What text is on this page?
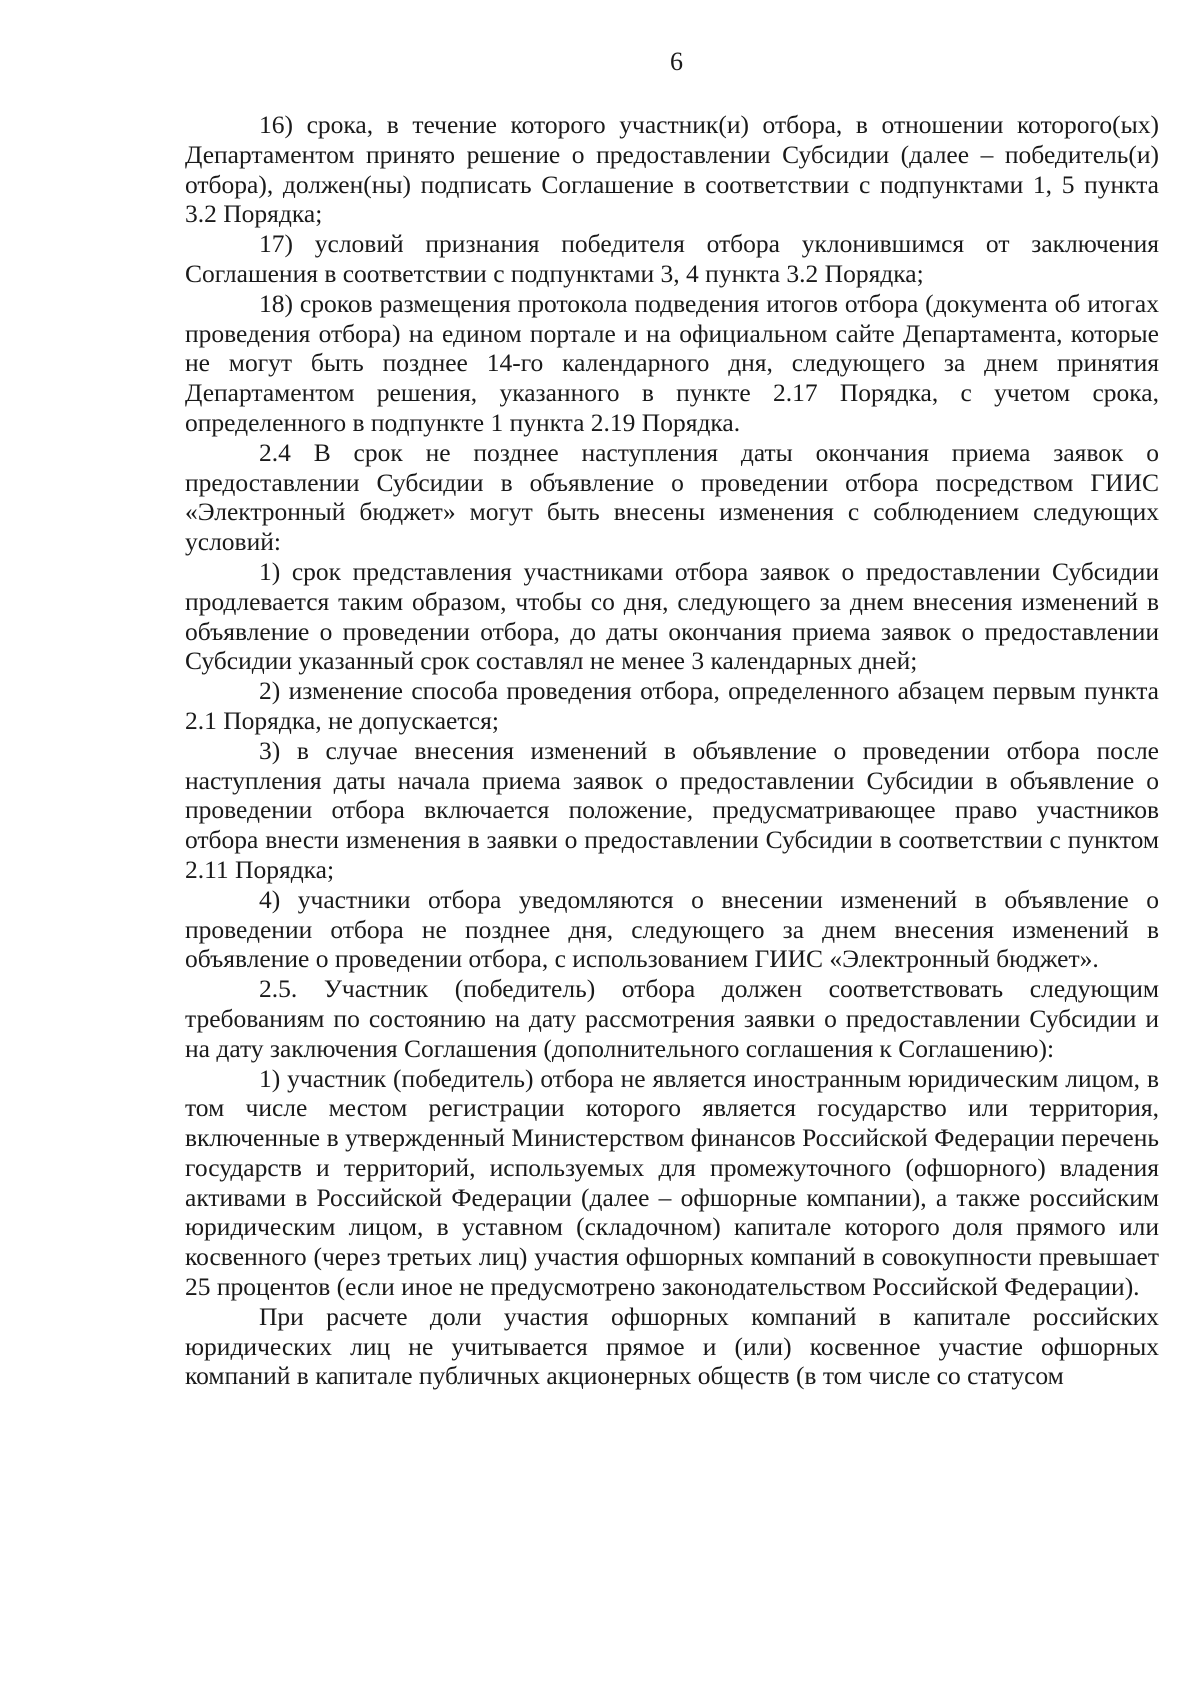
6

16) срока, в течение которого участник(и) отбора, в отношении которого(ых) Департаментом принято решение о предоставлении Субсидии (далее – победитель(и) отбора), должен(ны) подписать Соглашение в соответствии с подпунктами 1, 5 пункта 3.2 Порядка;

17) условий признания победителя отбора уклонившимся от заключения Соглашения в соответствии с подпунктами 3, 4 пункта 3.2 Порядка;

18) сроков размещения протокола подведения итогов отбора (документа об итогах проведения отбора) на едином портале и на официальном сайте Департамента, которые не могут быть позднее 14-го календарного дня, следующего за днем принятия Департаментом решения, указанного в пункте 2.17 Порядка, с учетом срока, определенного в подпункте 1 пункта 2.19 Порядка.

2.4 В срок не позднее наступления даты окончания приема заявок о предоставлении Субсидии в объявление о проведении отбора посредством ГИИС «Электронный бюджет» могут быть внесены изменения с соблюдением следующих условий:

1) срок представления участниками отбора заявок о предоставлении Субсидии продлевается таким образом, чтобы со дня, следующего за днем внесения изменений в объявление о проведении отбора, до даты окончания приема заявок о предоставлении Субсидии указанный срок составлял не менее 3 календарных дней;

2) изменение способа проведения отбора, определенного абзацем первым пункта 2.1 Порядка, не допускается;

3) в случае внесения изменений в объявление о проведении отбора после наступления даты начала приема заявок о предоставлении Субсидии в объявление о проведении отбора включается положение, предусматривающее право участников отбора внести изменения в заявки о предоставлении Субсидии в соответствии с пунктом 2.11 Порядка;

4) участники отбора уведомляются о внесении изменений в объявление о проведении отбора не позднее дня, следующего за днем внесения изменений в объявление о проведении отбора, с использованием ГИИС «Электронный бюджет».

2.5. Участник (победитель) отбора должен соответствовать следующим требованиям по состоянию на дату рассмотрения заявки о предоставлении Субсидии и на дату заключения Соглашения (дополнительного соглашения к Соглашению):

1) участник (победитель) отбора не является иностранным юридическим лицом, в том числе местом регистрации которого является государство или территория, включенные в утвержденный Министерством финансов Российской Федерации перечень государств и территорий, используемых для промежуточного (офшорного) владения активами в Российской Федерации (далее – офшорные компании), а также российским юридическим лицом, в уставном (складочном) капитале которого доля прямого или косвенного (через третьих лиц) участия офшорных компаний в совокупности превышает 25 процентов (если иное не предусмотрено законодательством Российской Федерации).

При расчете доли участия офшорных компаний в капитале российских юридических лиц не учитывается прямое и (или) косвенное участие офшорных компаний в капитале публичных акционерных обществ (в том числе со статусом
